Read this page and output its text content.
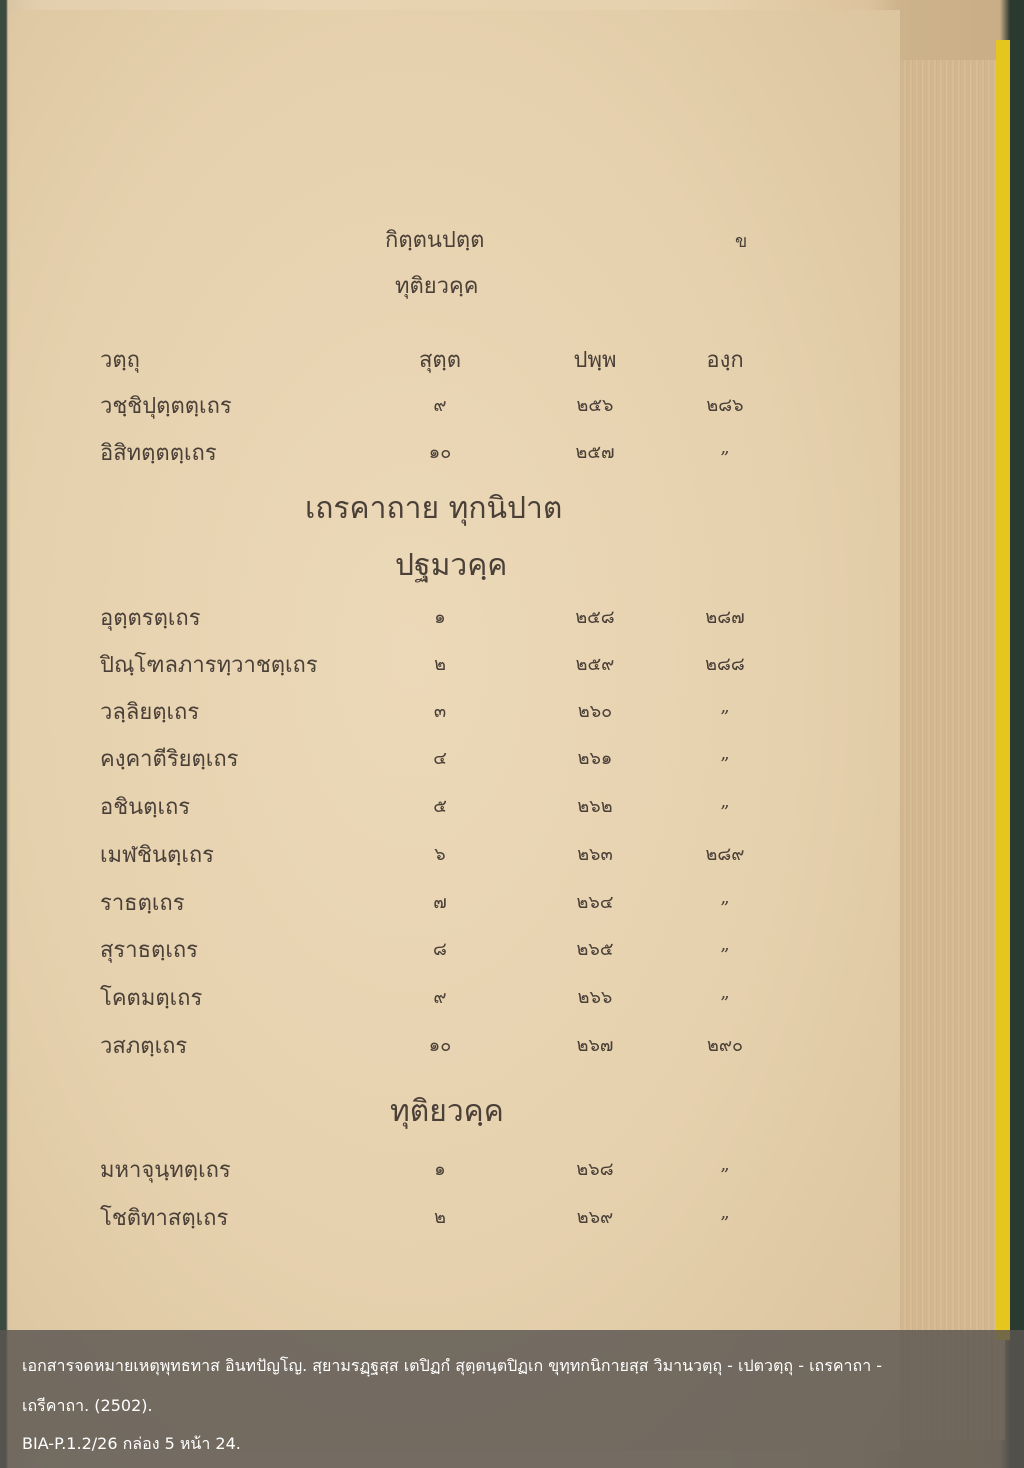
กิตฺตนปตฺต	ข
ทุติยวคฺค
วตฺถุ	สุตฺต	ปพฺพ	องฺก
วชฺชิปุตฺตตฺเถร	๙	๒๕๖	๒๘๖
อิสิทตฺตตฺเถร	๑๐	๒๕๗	„
เถรคาถาย ทุกนิปาต
ปฐมวคฺค
อุตฺตรตฺเถร	๑	๒๕๘	๒๘๗
ปิณฺโฑลภารทฺวาชตฺเถร	๒	๒๕๙	๒๘๘
วลฺลิยตฺเถร	๓	๒๖๐	„
คงฺคาตีริยตฺเถร	๔	๒๖๑	„
อชินตฺเถร	๕	๒๖๒	„
เมฬชินตฺเถร	๖	๒๖๓	๒๘๙
ราธตฺเถร	๗	๒๖๔	„
สุราธตฺเถร	๘	๒๖๕	„
โคตมตฺเถร	๙	๒๖๖	„
วสภตฺเถร	๑๐	๒๖๗	๒๙๐
ทุติยวคฺค
มหาจุนฺทตฺเถร	๑	๒๖๘	„
โชติทาสตฺเถร	๒	๒๖๙	„
เอกสารจดหมายเหตุพุทธทาส อินทปัญโญ. สฺยามรฏฺฐสฺส เตปิฏกํ สุตฺตนฺตปิฏเก ขุทฺทกนิกายสฺส วิมานวตฺถุ - เปตวตฺถุ - เถรคาถา -
เถรีคาถา. (2502).
BIA-P.1.2/26 กล่อง 5 หน้า 24.
